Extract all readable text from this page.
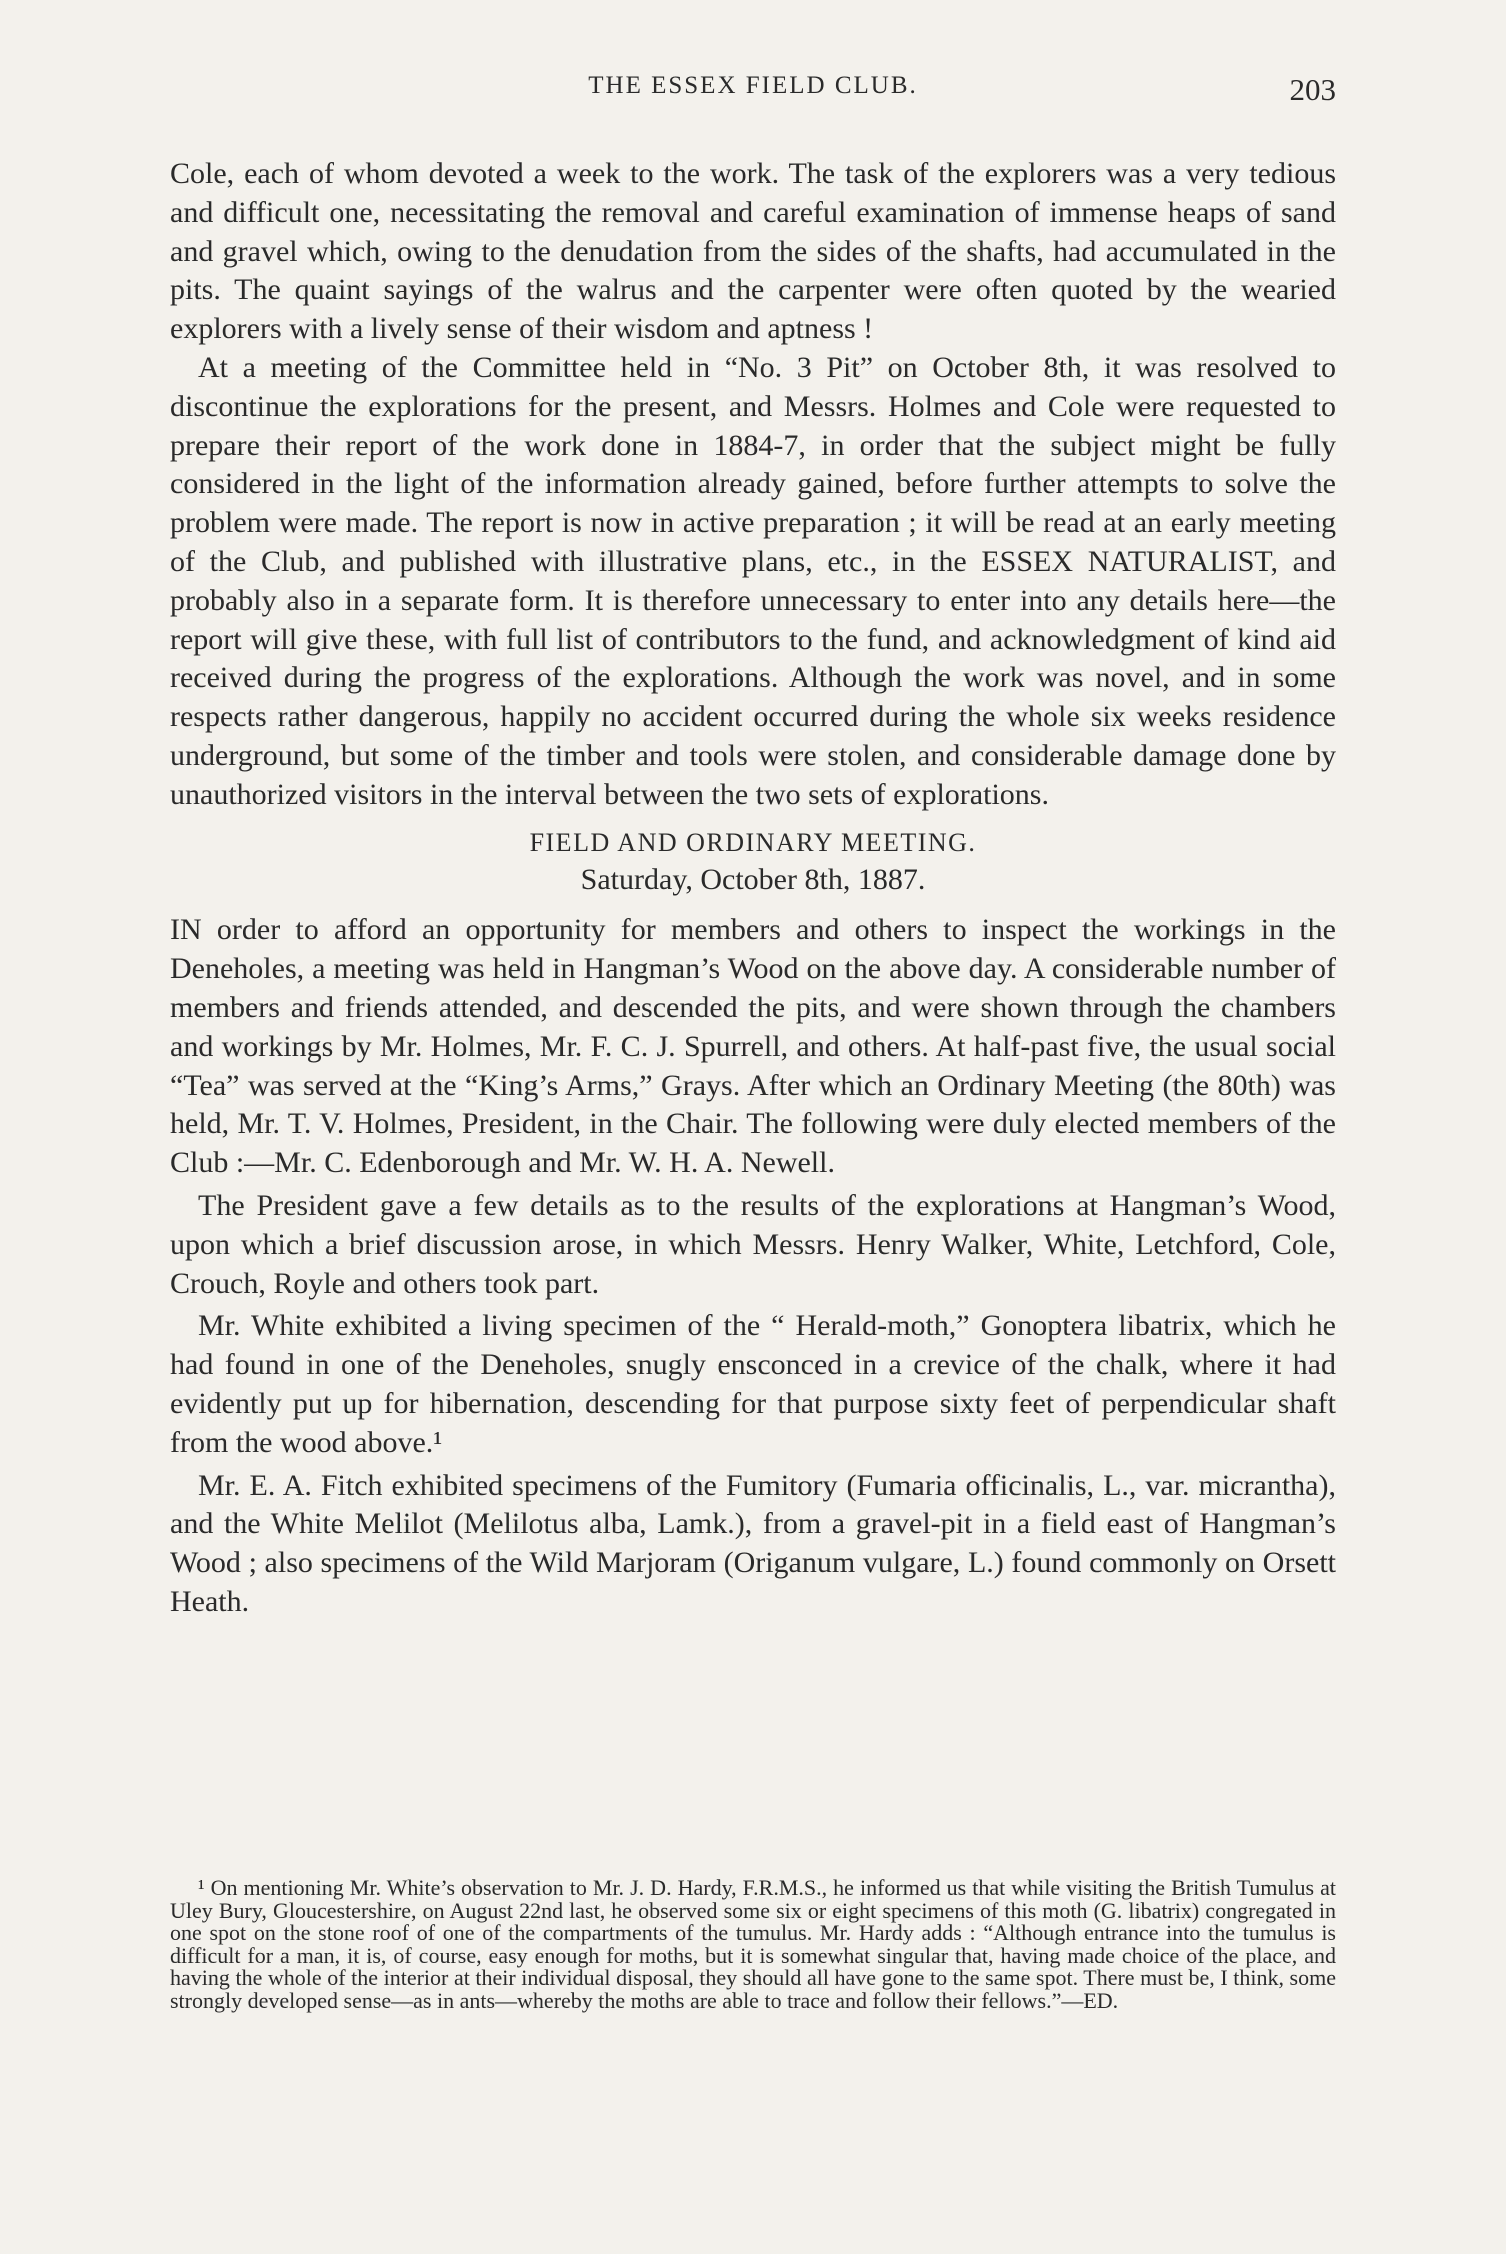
THE ESSEX FIELD CLUB.	203

Cole, each of whom devoted a week to the work. The task of the explorers was a very tedious and difficult one, necessitating the removal and careful examination of immense heaps of sand and gravel which, owing to the denudation from the sides of the shafts, had accumulated in the pits. The quaint sayings of the walrus and the carpenter were often quoted by the wearied explorers with a lively sense of their wisdom and aptness !

At a meeting of the Committee held in “No. 3 Pit” on October 8th, it was resolved to discontinue the explorations for the present, and Messrs. Holmes and Cole were requested to prepare their report of the work done in 1884-7, in order that the subject might be fully considered in the light of the information already gained, before further attempts to solve the problem were made. The report is now in active preparation ; it will be read at an early meeting of the Club, and published with illustrative plans, etc., in the ESSEX NATURALIST, and probably also in a separate form. It is therefore unnecessary to enter into any details here—the report will give these, with full list of contributors to the fund, and acknowledgment of kind aid received during the progress of the explorations. Although the work was novel, and in some respects rather dangerous, happily no accident occurred during the whole six weeks residence underground, but some of the timber and tools were stolen, and considerable damage done by unauthorized visitors in the interval between the two sets of explorations.

FIELD AND ORDINARY MEETING.

Saturday, October 8th, 1887.

IN order to afford an opportunity for members and others to inspect the workings in the Deneholes, a meeting was held in Hangman’s Wood on the above day. A considerable number of members and friends attended, and descended the pits, and were shown through the chambers and workings by Mr. Holmes, Mr. F. C. J. Spurrell, and others. At half-past five, the usual social “Tea” was served at the “King’s Arms,” Grays. After which an Ordinary Meeting (the 80th) was held, Mr. T. V. Holmes, President, in the Chair. The following were duly elected members of the Club :—Mr. C. Edenborough and Mr. W. H. A. Newell.

The President gave a few details as to the results of the explorations at Hangman’s Wood, upon which a brief discussion arose, in which Messrs. Henry Walker, White, Letchford, Cole, Crouch, Royle and others took part.

Mr. White exhibited a living specimen of the “ Herald-moth,” Gonoptera libatrix, which he had found in one of the Deneholes, snugly ensconced in a crevice of the chalk, where it had evidently put up for hibernation, descending for that purpose sixty feet of perpendicular shaft from the wood above.¹

Mr. E. A. Fitch exhibited specimens of the Fumitory (Fumaria officinalis, L., var. micrantha), and the White Melilot (Melilotus alba, Lamk.), from a gravel-pit in a field east of Hangman’s Wood ; also specimens of the Wild Marjoram (Origanum vulgare, L.) found commonly on Orsett Heath.

¹ On mentioning Mr. White’s observation to Mr. J. D. Hardy, F.R.M.S., he informed us that while visiting the British Tumulus at Uley Bury, Gloucestershire, on August 22nd last, he observed some six or eight specimens of this moth (G. libatrix) congregated in one spot on the stone roof of one of the compartments of the tumulus. Mr. Hardy adds : “Although entrance into the tumulus is difficult for a man, it is, of course, easy enough for moths, but it is somewhat singular that, having made choice of the place, and having the whole of the interior at their individual disposal, they should all have gone to the same spot. There must be, I think, some strongly developed sense—as in ants—whereby the moths are able to trace and follow their fellows.”—ED.
